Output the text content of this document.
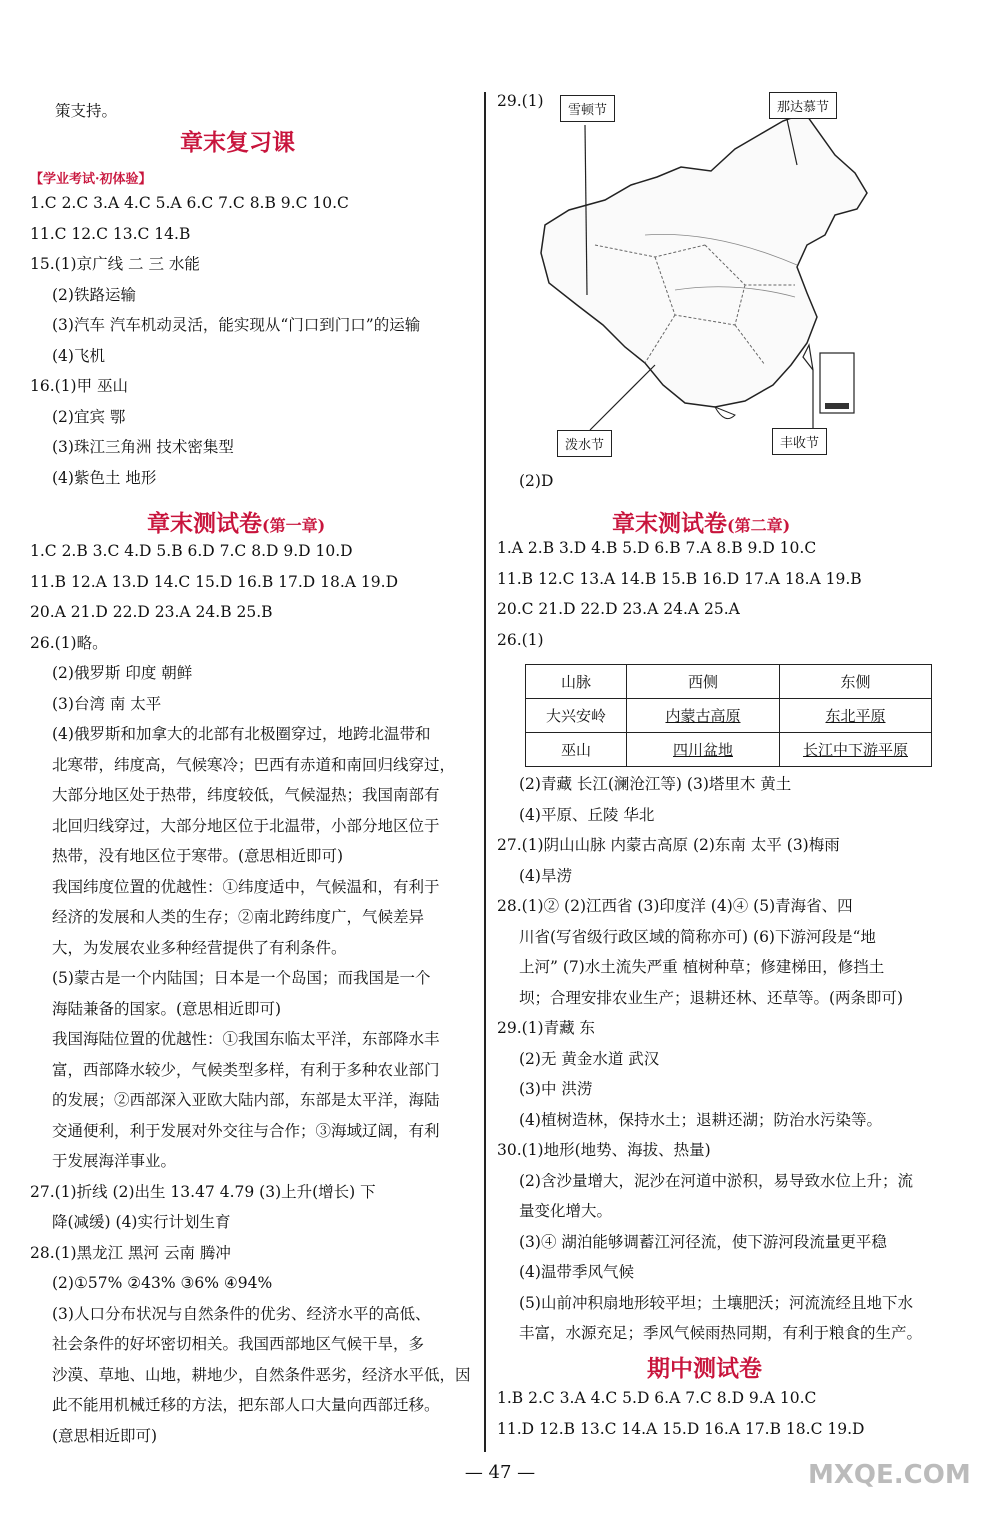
策支持。
章末复习课
【学业考试·初体验】
1.C 2.C 3.A 4.C 5.A 6.C 7.C 8.B 9.C 10.C
11.C 12.C 13.C 14.B
15.(1)京广线 二 三 水能
(2)铁路运输
(3)汽车 汽车机动灵活，能实现从“门口到门口”的运输
(4)飞机
16.(1)甲 巫山
(2)宜宾 鄂
(3)珠江三角洲 技术密集型
(4)紫色土 地形
章末测试卷(第一章)
1.C 2.B 3.C 4.D 5.B 6.D 7.C 8.D 9.D 10.D
11.B 12.A 13.D 14.C 15.D 16.B 17.D 18.A 19.D
20.A 21.D 22.D 23.A 24.B 25.B
26.(1)略。
(2)俄罗斯 印度 朝鲜
(3)台湾 南 太平
(4)俄罗斯和加拿大的北部有北极圈穿过，地跨北温带和
北寒带，纬度高，气候寒冷；巴西有赤道和南回归线穿过，
大部分地区处于热带，纬度较低，气候湿热；我国南部有
北回归线穿过，大部分地区位于北温带，小部分地区位于
热带，没有地区位于寒带。(意思相近即可)
我国纬度位置的优越性：①纬度适中，气候温和，有利于
经济的发展和人类的生存；②南北跨纬度广，气候差异
大，为发展农业多种经营提供了有利条件。
(5)蒙古是一个内陆国；日本是一个岛国；而我国是一个
海陆兼备的国家。(意思相近即可)
我国海陆位置的优越性：①我国东临太平洋，东部降水丰
富，西部降水较少，气候类型多样，有利于多种农业部门
的发展；②西部深入亚欧大陆内部，东部是太平洋，海陆
交通便利，利于发展对外交往与合作；③海域辽阔，有利
于发展海洋事业。
27.(1)折线 (2)出生 13.47 4.79 (3)上升(增长) 下
降(减缓) (4)实行计划生育
28.(1)黑龙江 黑河 云南 腾冲
(2)①57% ②43% ③6% ④94%
(3)人口分布状况与自然条件的优劣、经济水平的高低、
社会条件的好坏密切相关。我国西部地区气候干旱，多
沙漠、草地、山地，耕地少，自然条件恶劣，经济水平低，因
此不能用机械迁移的方法，把东部人口大量向西部迁移。
(意思相近即可)
29.(1)
雪顿节	那达慕节
泼水节	丰收节
(2)D
章末测试卷(第二章)
1.A 2.B 3.D 4.B 5.D 6.B 7.A 8.B 9.D 10.C
11.B 12.C 13.A 14.B 15.B 16.D 17.A 18.A 19.B
20.C 21.D 22.D 23.A 24.A 25.A
26.(1)
山脉	西侧	东侧
大兴安岭	内蒙古高原	东北平原
巫山	四川盆地	长江中下游平原
(2)青藏 长江(澜沧江等) (3)塔里木 黄土
(4)平原、丘陵 华北
27.(1)阴山山脉 内蒙古高原 (2)东南 太平 (3)梅雨
(4)旱涝
28.(1)② (2)江西省 (3)印度洋 (4)④ (5)青海省、四
川省(写省级行政区域的简称亦可) (6)下游河段是“地
上河” (7)水土流失严重 植树种草；修建梯田，修挡土
坝；合理安排农业生产；退耕还林、还草等。(两条即可)
29.(1)青藏 东
(2)无 黄金水道 武汉
(3)中 洪涝
(4)植树造林，保持水土；退耕还湖；防治水污染等。
30.(1)地形(地势、海拔、热量)
(2)含沙量增大，泥沙在河道中淤积，易导致水位上升；流
量变化增大。
(3)④ 湖泊能够调蓄江河径流，使下游河段流量更平稳
(4)温带季风气候
(5)山前冲积扇地形较平坦；土壤肥沃；河流流经且地下水
丰富，水源充足；季风气候雨热同期，有利于粮食的生产。
期中测试卷
1.B 2.C 3.A 4.C 5.D 6.A 7.C 8.D 9.A 10.C
11.D 12.B 13.C 14.A 15.D 16.A 17.B 18.C 19.D
— 47 —	MXQE.COM
